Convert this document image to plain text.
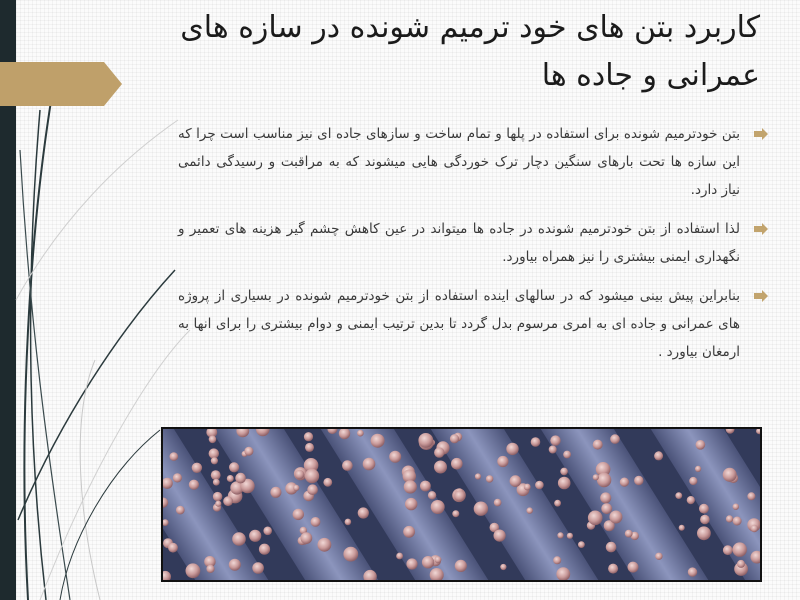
کاربرد بتن های خود ترمیم شونده در سازه های عمرانی و جاده ها
بتن خودترمیم شونده برای استفاده در پلها و تمام ساخت و سازهای جاده ای نیز مناسب است چرا که این سازه ها تحت بارهای سنگین دچار ترک خوردگی هایی میشوند که به مراقبت و رسیدگی دائمی نیاز دارد.
لذا استفاده از بتن خودترمیم شونده در جاده ها میتواند در عین کاهش چشم گیر هزینه های تعمیر و نگهداری ایمنی بیشتری را نیز همراه بیاورد.
بنابراین پیش بینی میشود که در سالهای اینده استفاده از بتن خودترمیم شونده در بسیاری از پروژه های عمرانی و جاده ای به امری مرسوم بدل گردد تا بدین ترتیب ایمنی و دوام بیشتری را برای انها به ارمغان بیاورد .
